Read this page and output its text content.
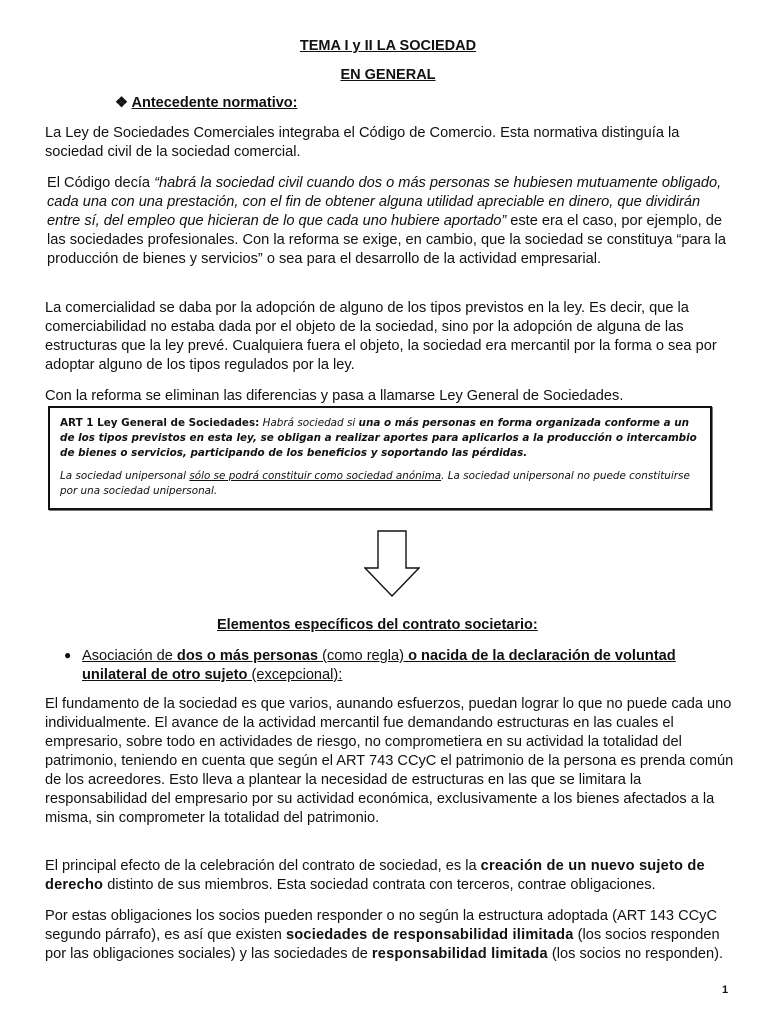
TEMA I y II LA SOCIEDAD
EN GENERAL
❖ Antecedente normativo:

La Ley de Sociedades Comerciales integraba el Código de Comercio. Esta normativa distinguía la sociedad civil de la sociedad comercial.

El Código decía “habrá la sociedad civil cuando dos o más personas se hubiesen mutuamente obligado, cada una con una prestación, con el fin de obtener alguna utilidad apreciable en dinero, que dividirán entre sí, del empleo que hicieran de lo que cada uno hubiere aportado” este era el caso, por ejemplo, de las sociedades profesionales. Con la reforma se exige, en cambio, que la sociedad se constituya “para la producción de bienes y servicios” o sea para el desarrollo de la actividad empresarial.

La comercialidad se daba por la adopción de alguno de los tipos previstos en la ley. Es decir, que la comerciabilidad no estaba dada por el objeto de la sociedad, sino por la adopción de alguna de las estructuras que la ley prevé. Cualquiera fuera el objeto, la sociedad era mercantil por la forma o sea por adoptar alguno de los tipos regulados por la ley.

Con la reforma se eliminan las diferencias y pasa a llamarse Ley General de Sociedades.

ART 1 Ley General de Sociedades: Habrá sociedad si una o más personas en forma organizada conforme a un de los tipos previstos en esta ley, se obligan a realizar aportes para aplicarlos a la producción o intercambio de bienes o servicios, participando de los beneficios y soportando las pérdidas.

La sociedad unipersonal sólo se podrá constituir como sociedad anónima. La sociedad unipersonal no puede constituirse por una sociedad unipersonal.

Elementos específicos del contrato societario:
● Asociación de dos o más personas (como regla) o nacida de la declaración de voluntad unilateral de otro sujeto (excepcional):

El fundamento de la sociedad es que varios, aunando esfuerzos, puedan lograr lo que no puede cada uno individualmente. El avance de la actividad mercantil fue demandando estructuras en las cuales el empresario, sobre todo en actividades de riesgo, no comprometiera en su actividad la totalidad del patrimonio, teniendo en cuenta que según el ART 743 CCyC el patrimonio de la persona es prenda común de los acreedores. Esto lleva a plantear la necesidad de estructuras en las que se limitara la
responsabilidad del empresario por su actividad económica, exclusivamente a los bienes afectados a la misma, sin comprometer la totalidad del patrimonio.

El principal efecto de la celebración del contrato de sociedad, es la creación de un nuevo sujeto de derecho distinto de sus miembros. Esta sociedad contrata con terceros, contrae obligaciones.

Por estas obligaciones los socios pueden responder o no según la estructura adoptada (ART 143 CCyC segundo párrafo), es así que existen sociedades de responsabilidad ilimitada (los socios responden por las obligaciones sociales) y las sociedades de responsabilidad limitada (los socios no responden).

1
